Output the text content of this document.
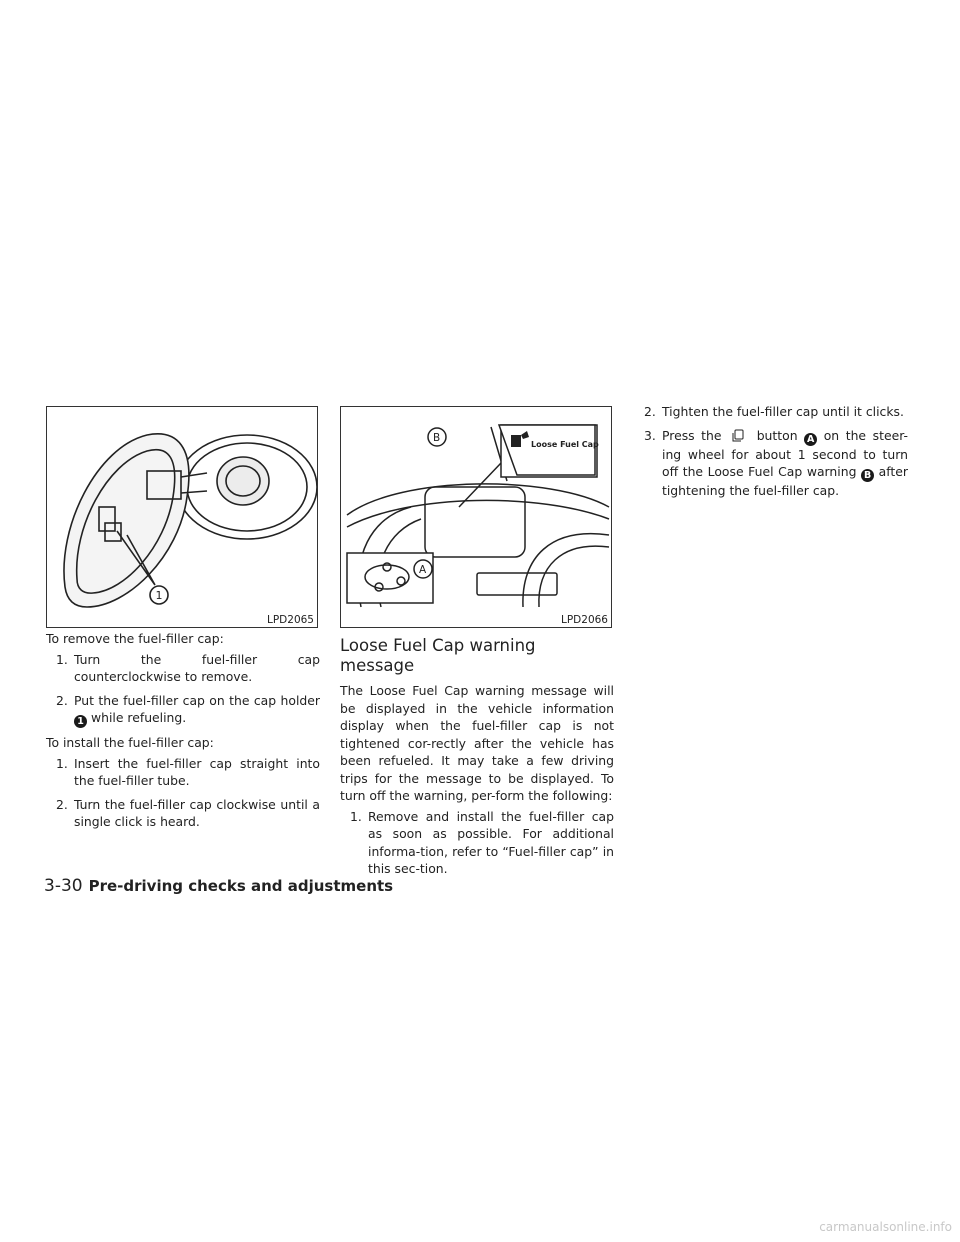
1
LPD2065
Loose Fuel Cap
B
A
LPD2066

To remove the fuel-filler cap:

1. Turn the fuel-filler cap counterclockwise to remove.
2. Put the fuel-filler cap on the cap holder 1 while refueling.

To install the fuel-filler cap:

1. Insert the fuel-filler cap straight into the fuel-filler tube.
2. Turn the fuel-filler cap clockwise until a single click is heard.
Loose Fuel Cap warning message

The Loose Fuel Cap warning message will be displayed in the vehicle information display when the fuel-filler cap is not tightened cor-rectly after the vehicle has been refueled. It may take a few driving trips for the message to be displayed. To turn off the warning, per-form the following:

1. Remove and install the fuel-filler cap as soon as possible. For additional informa-tion, refer to “Fuel-filler cap” in this sec-tion.
2. Tighten the fuel-filler cap until it clicks.
3. Press the	button A on the steer-ing wheel for about 1 second to turn off the Loose Fuel Cap warning B after tightening the fuel-filler cap.
3-30 Pre-driving checks and adjustments
carmanualsonline.info
